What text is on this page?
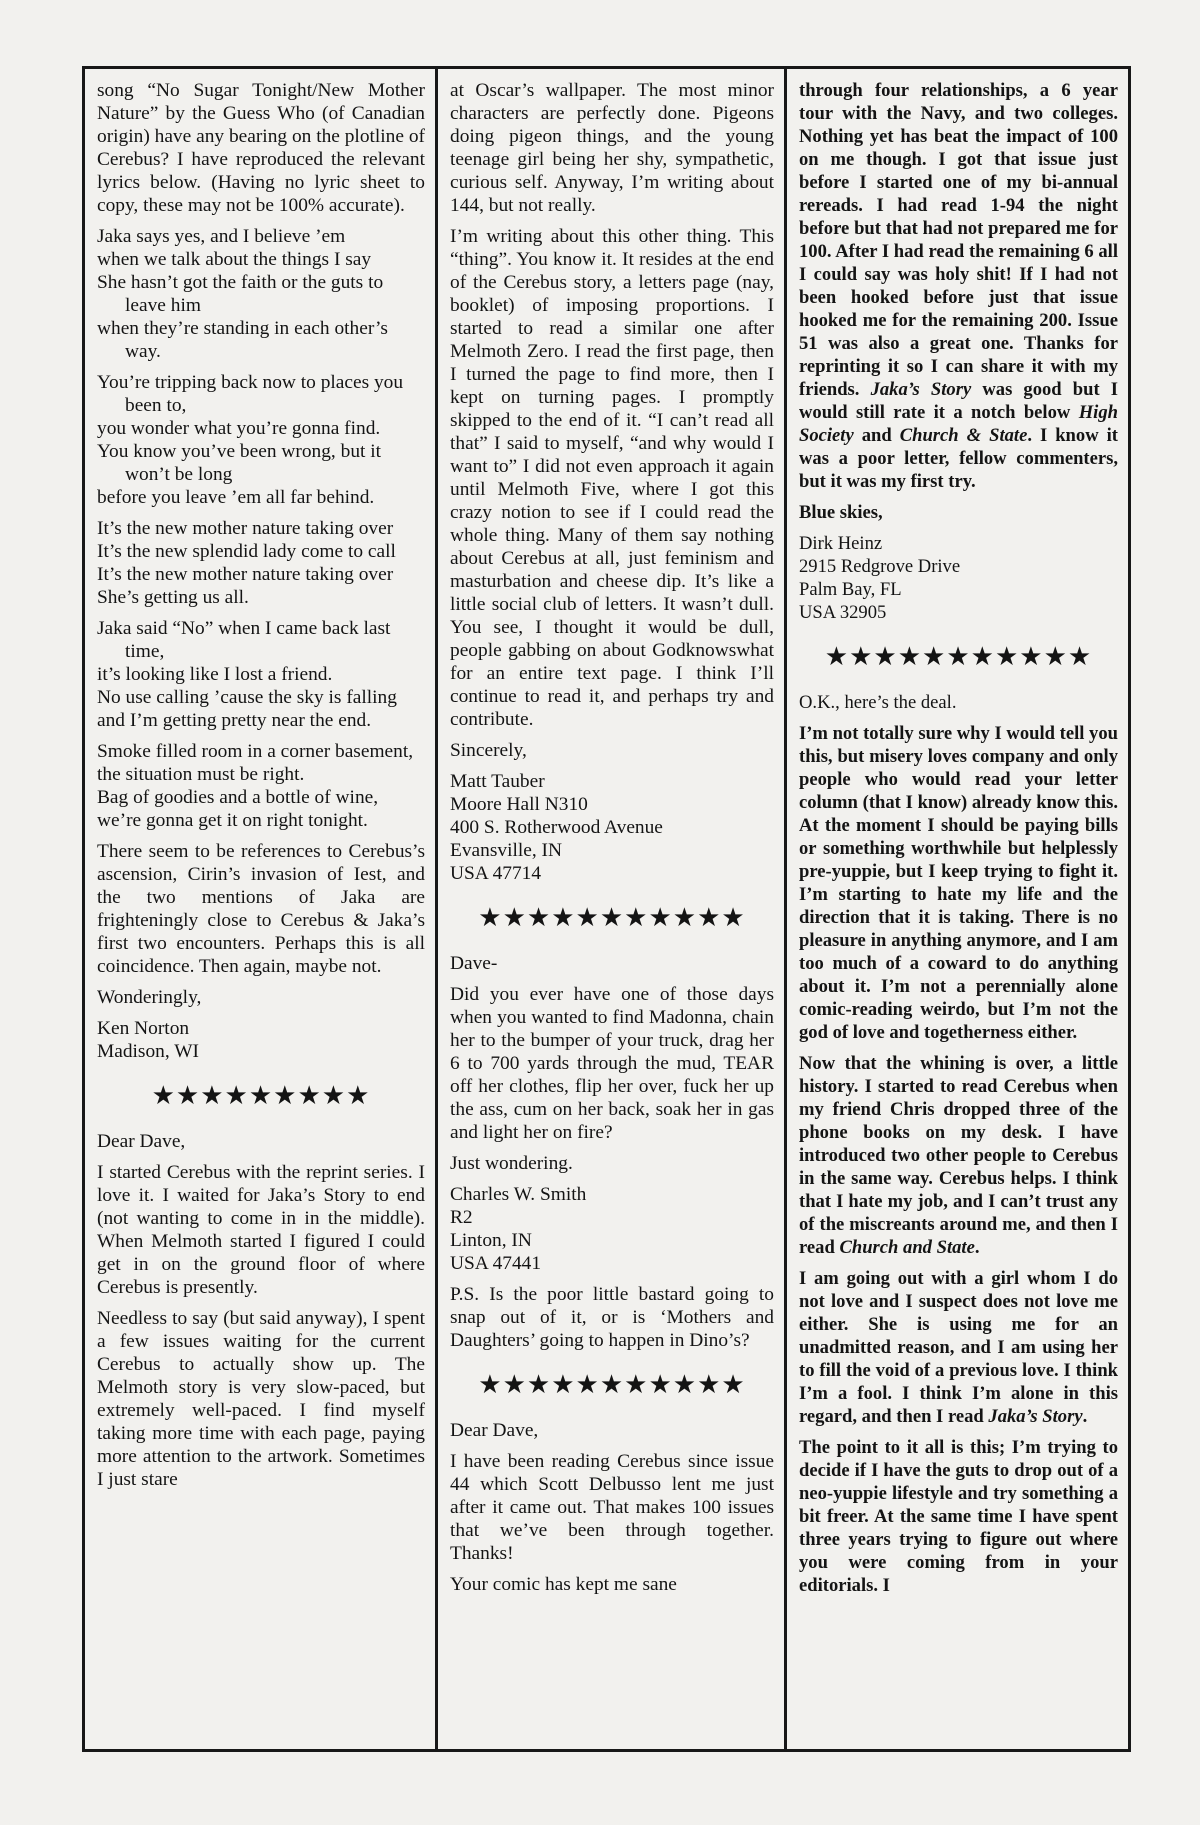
song “No Sugar Tonight/New Mother Nature” by the Guess Who (of Canadian origin) have any bearing on the plotline of Cerebus? I have reproduced the relevant lyrics below. (Having no lyric sheet to copy, these may not be 100% accurate).

Jaka says yes, and I believe ’em
when we talk about the things I say
She hasn’t got the faith or the guts to leave him
when they’re standing in each other’s way.
You’re tripping back now to places you been to,
you wonder what you’re gonna find.
You know you’ve been wrong, but it won’t be long
before you leave ’em all far behind.
It’s the new mother nature taking over
It’s the new splendid lady come to call
It’s the new mother nature taking over
She’s getting us all.
Jaka said “No” when I came back last time,
it’s looking like I lost a friend.
No use calling ’cause the sky is falling
and I’m getting pretty near the end.
Smoke filled room in a corner basement,
the situation must be right.
Bag of goodies and a bottle of wine,
we’re gonna get it on right tonight.

There seem to be references to Cerebus’s ascension, Cirin’s invasion of Iest, and the two mentions of Jaka are frighteningly close to Cerebus & Jaka’s first two encounters. Perhaps this is all coincidence. Then again, maybe not.

Wonderingly,

Ken Norton
Madison, WI
★★★★★★★★★
Dear Dave,

I started Cerebus with the reprint series. I love it. I waited for Jaka’s Story to end (not wanting to come in in the middle). When Melmoth started I figured I could get in on the ground floor of where Cerebus is presently.

Needless to say (but said anyway), I spent a few issues waiting for the current Cerebus to actually show up. The Melmoth story is very slow-paced, but extremely well-paced. I find myself taking more time with each page, paying more attention to the artwork. Sometimes I just stare

at Oscar’s wallpaper. The most minor characters are perfectly done. Pigeons doing pigeon things, and the young teenage girl being her shy, sympathetic, curious self. Anyway, I’m writing about 144, but not really.

I’m writing about this other thing. This “thing”. You know it. It resides at the end of the Cerebus story, a letters page (nay, booklet) of imposing proportions. I started to read a similar one after Melmoth Zero. I read the first page, then I turned the page to find more, then I kept on turning pages. I promptly skipped to the end of it. “I can’t read all that” I said to myself, “and why would I want to” I did not even approach it again until Melmoth Five, where I got this crazy notion to see if I could read the whole thing. Many of them say nothing about Cerebus at all, just feminism and masturbation and cheese dip. It’s like a little social club of letters. It wasn’t dull. You see, I thought it would be dull, people gabbing on about Godknowswhat for an entire text page. I think I’ll continue to read it, and perhaps try and contribute.

Sincerely,

Matt Tauber
Moore Hall N310
400 S. Rotherwood Avenue
Evansville, IN
USA 47714
★★★★★★★★★★★
Dave-

Did you ever have one of those days when you wanted to find Madonna, chain her to the bumper of your truck, drag her 6 to 700 yards through the mud, TEAR off her clothes, flip her over, fuck her up the ass, cum on her back, soak her in gas and light her on fire?

Just wondering.

Charles W. Smith
R2
Linton, IN
USA 47441

P.S. Is the poor little bastard going to snap out of it, or is ‘Mothers and Daughters’ going to happen in Dino’s?

★★★★★★★★★★★
Dear Dave,

I have been reading Cerebus since issue 44 which Scott Delbusso lent me just after it came out. That makes 100 issues that we’ve been through together. Thanks!

Your comic has kept me sane

through four relationships, a 6 year tour with the Navy, and two colleges. Nothing yet has beat the impact of 100 on me though. I got that issue just before I started one of my bi-annual rereads. I had read 1-94 the night before but that had not prepared me for 100. After I had read the remaining 6 all I could say was holy shit! If I had not been hooked before just that issue hooked me for the remaining 200. Issue 51 was also a great one. Thanks for reprinting it so I can share it with my friends. Jaka’s Story was good but I would still rate it a notch below High Society and Church & State. I know it was a poor letter, fellow commenters, but it was my first try.

Blue skies,

Dirk Heinz
2915 Redgrove Drive
Palm Bay, FL
USA 32905
★★★★★★★★★★★

O.K., here’s the deal.

I’m not totally sure why I would tell you this, but misery loves company and only people who would read your letter column (that I know) already know this. At the moment I should be paying bills or something worthwhile but helplessly pre-yuppie, but I keep trying to fight it. I’m starting to hate my life and the direction that it is taking. There is no pleasure in anything anymore, and I am too much of a coward to do anything about it. I’m not a perennially alone comic-reading weirdo, but I’m not the god of love and togetherness either.

Now that the whining is over, a little history. I started to read Cerebus when my friend Chris dropped three of the phone books on my desk. I have introduced two other people to Cerebus in the same way. Cerebus helps. I think that I hate my job, and I can’t trust any of the miscreants around me, and then I read Church and State.

I am going out with a girl whom I do not love and I suspect does not love me either. She is using me for an unadmitted reason, and I am using her to fill the void of a previous love. I think I’m a fool. I think I’m alone in this regard, and then I read Jaka’s Story.

The point to it all is this; I’m trying to decide if I have the guts to drop out of a neo-yuppie lifestyle and try something a bit freer. At the same time I have spent three years trying to figure out where you were coming from in your editorials. I
